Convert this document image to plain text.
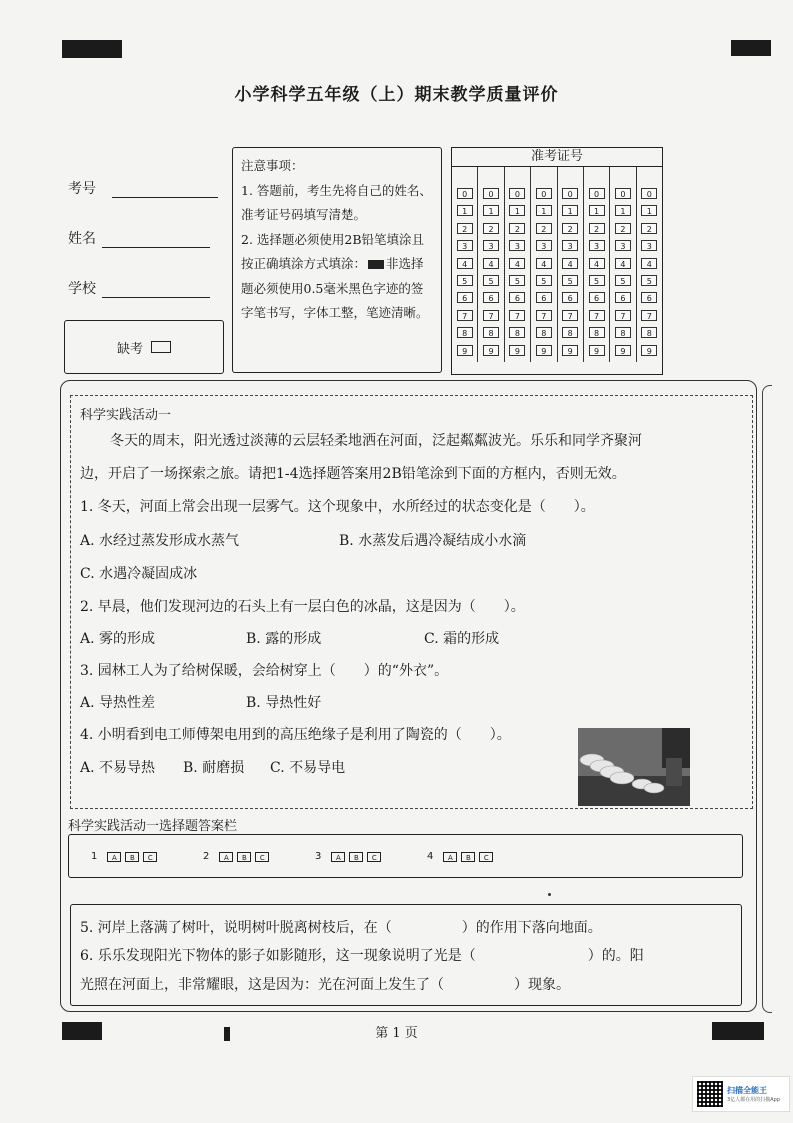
小学科学五年级（上）期末教学质量评价
考号
姓名
学校
缺考
注意事项：
1. 答题前，考生先将自己的姓名、准考证号码填写清楚。
2. 选择题必须使用2B铅笔填涂且按正确填涂方式填涂： 非选择题必须使用0.5毫米黑色字迹的签字笔书写，字体工整，笔迹清晰。
准考证号
0
1
2
3
4
5
6
7
8
9
0
1
2
3
4
5
6
7
8
9
0
1
2
3
4
5
6
7
8
9
0
1
2
3
4
5
6
7
8
9
0
1
2
3
4
5
6
7
8
9
0
1
2
3
4
5
6
7
8
9
0
1
2
3
4
5
6
7
8
9
0
1
2
3
4
5
6
7
8
9
科学实践活动一
冬天的周末，阳光透过淡薄的云层轻柔地洒在河面，泛起粼粼波光。乐乐和同学齐聚河
边，开启了一场探索之旅。请把1-4选择题答案用2B铅笔涂到下面的方框内，否则无效。
1. 冬天，河面上常会出现一层雾气。这个现象中，水所经过的状态变化是（　　）。
A. 水经过蒸发形成水蒸气	B. 水蒸发后遇冷凝结成小水滴
C. 水遇冷凝固成冰
2. 早晨，他们发现河边的石头上有一层白色的冰晶，这是因为（　　）。
A. 雾的形成	B. 露的形成	C. 霜的形成
3. 园林工人为了给树保暖，会给树穿上（　　）的“外衣”。
A. 导热性差	B. 导热性好
4. 小明看到电工师傅架电用到的高压绝缘子是利用了陶瓷的（　　）。
A. 不易导热 B. 耐磨损 C. 不易导电
科学实践活动一选择题答案栏
1	A	B	C	2	A	B	C	3	A	B	C	4	A	B	C
5. 河岸上落满了树叶，说明树叶脱离树枝后，在（　　　　　）的作用下落向地面。
6. 乐乐发现阳光下物体的影子如影随形，这一现象说明了光是（　　　　　　　　）的。阳
光照在河面上，非常耀眼，这是因为：光在河面上发生了（　　　　　）现象。
第 1 页
扫描全能王
3亿人都在用的扫描App
